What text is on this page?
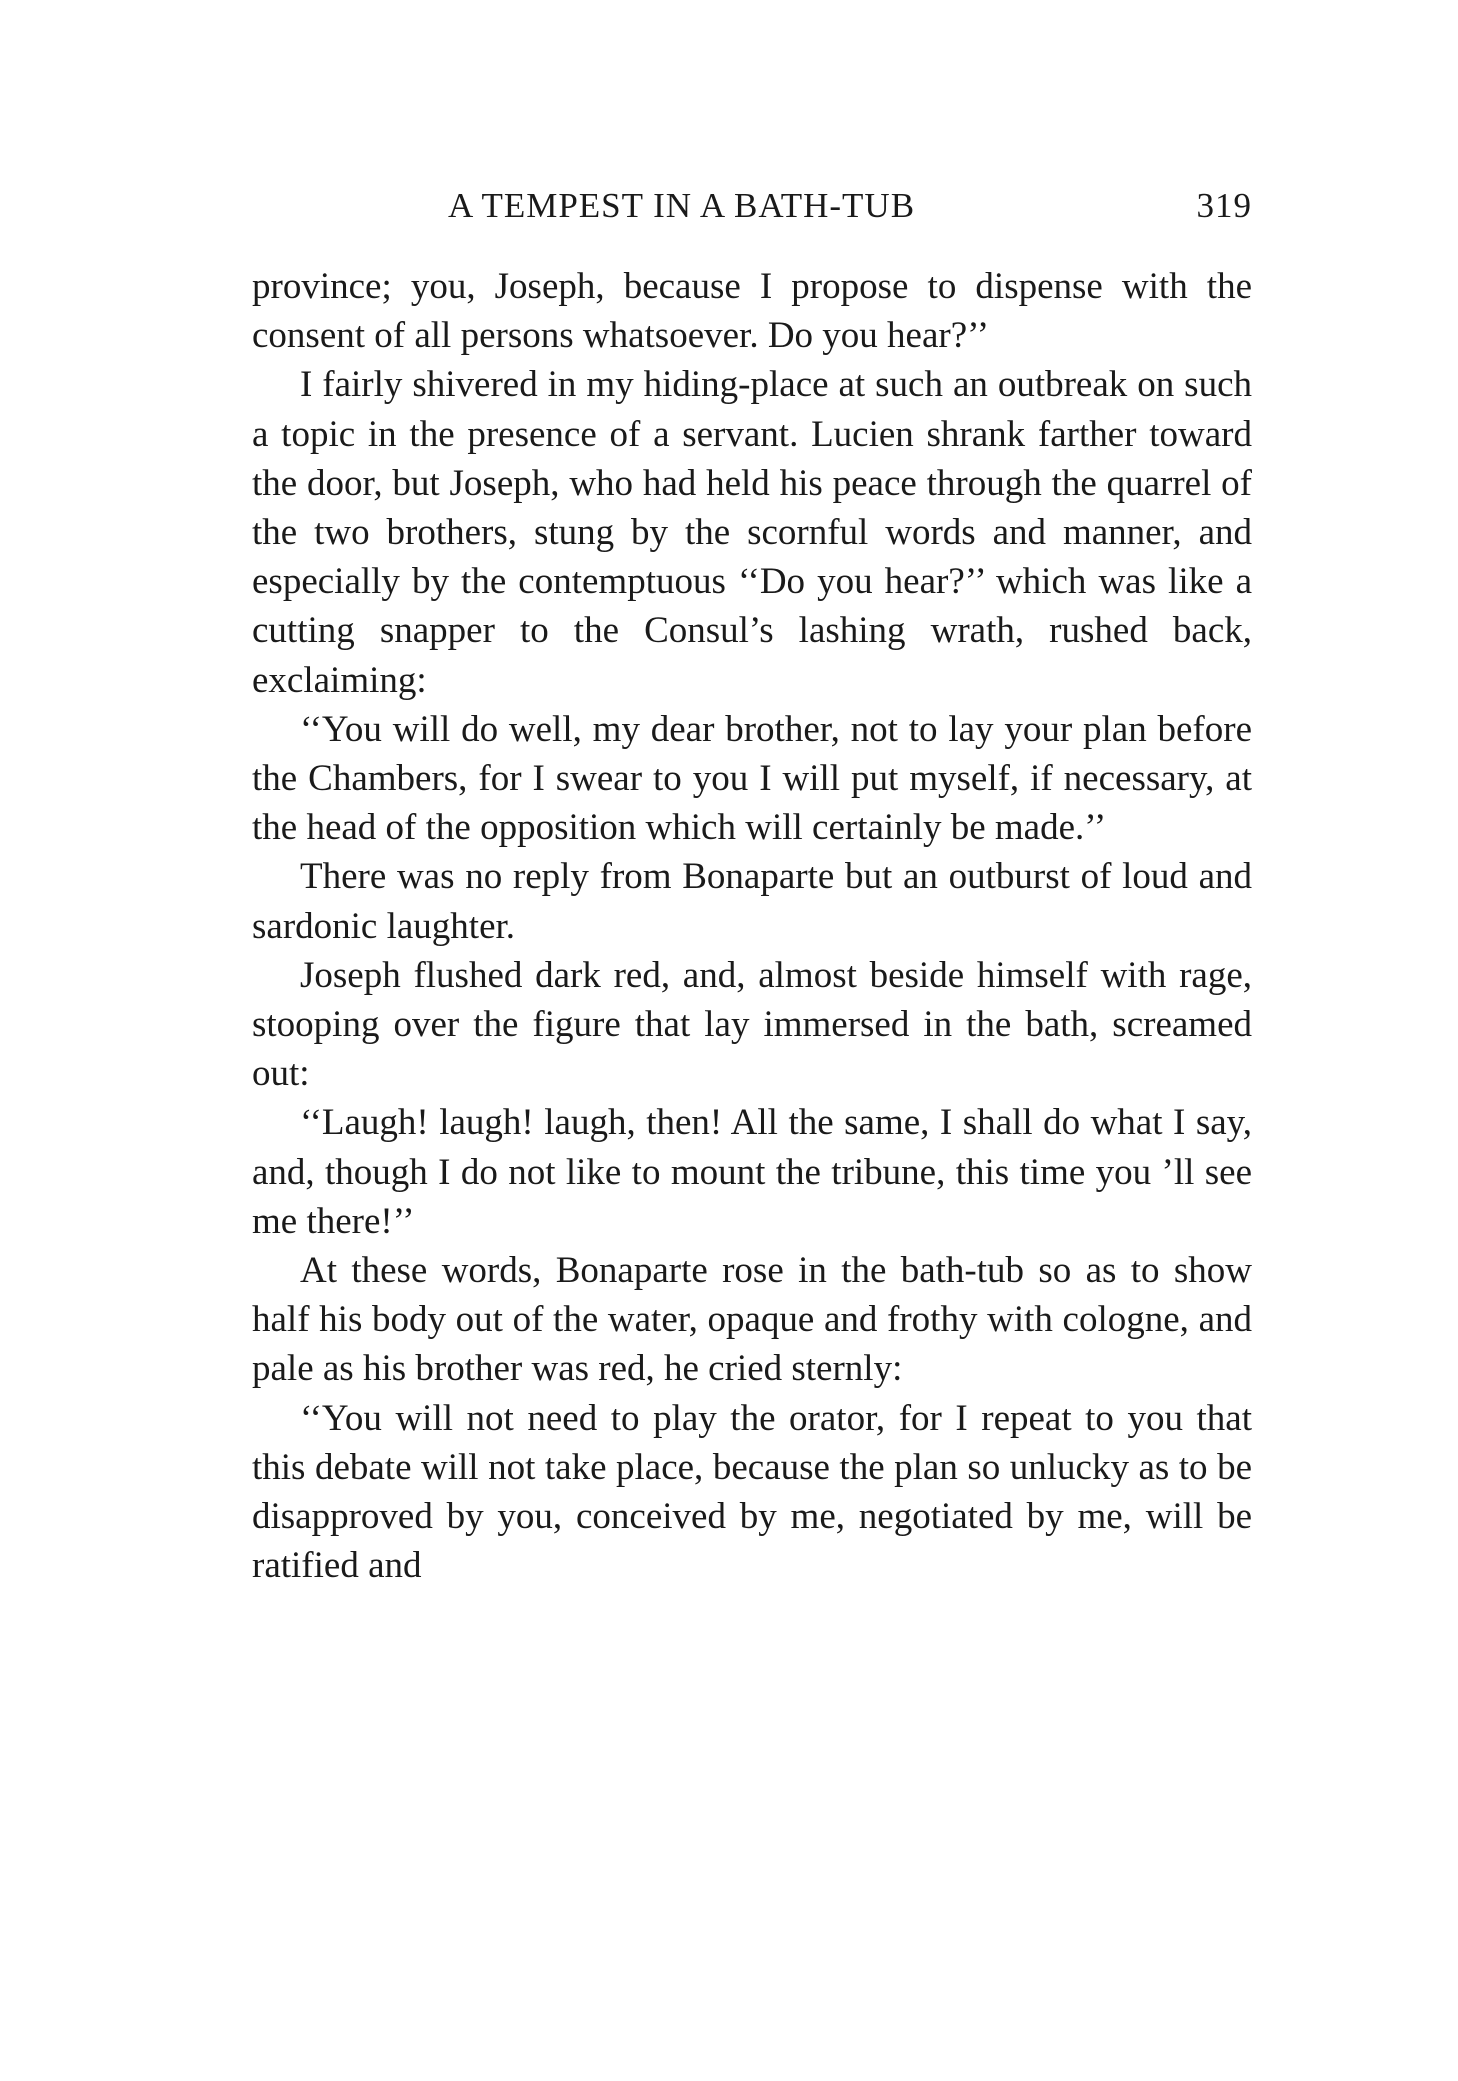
A TEMPEST IN A BATH-TUB	319

province; you, Joseph, because I propose to dispense with the consent of all persons whatsoever. Do you hear?’’

I fairly shivered in my hiding-place at such an outbreak on such a topic in the presence of a servant. Lucien shrank farther toward the door, but Joseph, who had held his peace through the quarrel of the two brothers, stung by the scornful words and manner, and especially by the contemptuous ‘‘Do you hear?’’ which was like a cutting snapper to the Consul’s lashing wrath, rushed back, exclaiming:

‘‘You will do well, my dear brother, not to lay your plan before the Chambers, for I swear to you I will put myself, if necessary, at the head of the opposition which will certainly be made.’’

There was no reply from Bonaparte but an outburst of loud and sardonic laughter.

Joseph flushed dark red, and, almost beside himself with rage, stooping over the figure that lay immersed in the bath, screamed out:

‘‘Laugh! laugh! laugh, then! All the same, I shall do what I say, and, though I do not like to mount the tribune, this time you ’ll see me there!’’

At these words, Bonaparte rose in the bath-tub so as to show half his body out of the water, opaque and frothy with cologne, and pale as his brother was red, he cried sternly:

‘‘You will not need to play the orator, for I repeat to you that this debate will not take place, because the plan so unlucky as to be disapproved by you, conceived by me, negotiated by me, will be ratified and
